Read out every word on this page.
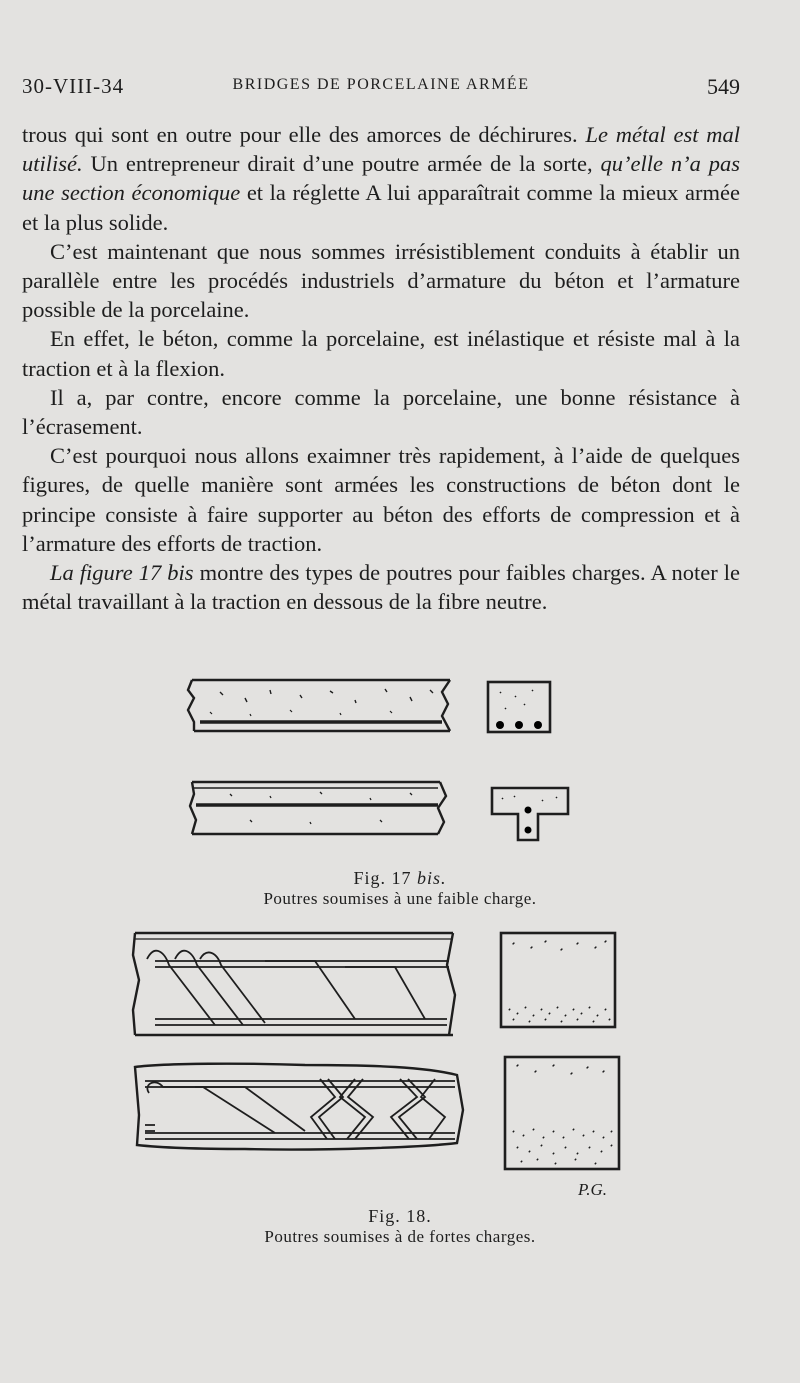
30-VIII-34	BRIDGES DE PORCELAINE ARMÉE	549

trous qui sont en outre pour elle des amorces de déchirures. Le métal est mal utilisé. Un entrepreneur dirait d’une poutre armée de la sorte, qu’elle n’a pas une section économique et la réglette A lui apparaîtrait comme la mieux armée et la plus solide.

C’est maintenant que nous sommes irrésistiblement conduits à établir un parallèle entre les procédés industriels d’armature du béton et l’armature possible de la porcelaine.

En effet, le béton, comme la porcelaine, est inélastique et résiste mal à la traction et à la flexion.

Il a, par contre, encore comme la porcelaine, une bonne résistance à l’écrasement.

C’est pourquoi nous allons exaimner très rapidement, à l’aide de quelques figures, de quelle manière sont armées les constructions de béton dont le principe consiste à faire supporter au béton des efforts de compression et à l’armature des efforts de traction.

La figure 17 bis montre des types de poutres pour faibles charges. A noter le métal travaillant à la traction en dessous de la fibre neutre.

Fig. 17 bis.
Poutres soumises à une faible charge.
P.G.
Fig. 18.
Poutres soumises à de fortes charges.
